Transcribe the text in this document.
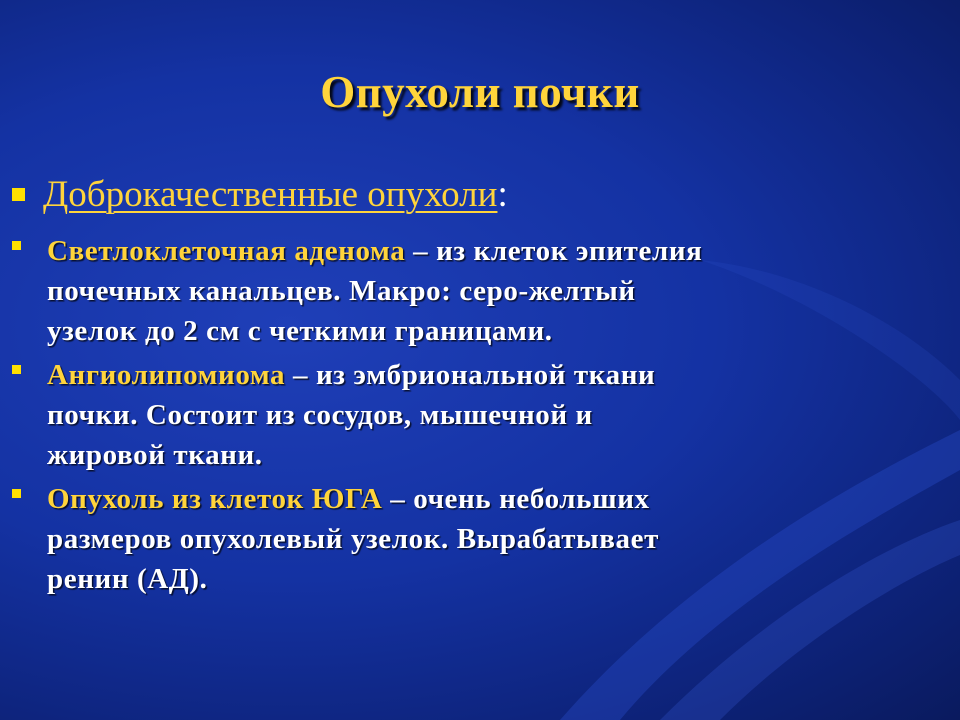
Опухоли почки
Доброкачественные опухоли:
Светлоклеточная аденома – из клеток эпителия
почечных канальцев. Макро: серо-желтый
узелок до 2 см с четкими границами.
Ангиолипомиома – из эмбриональной ткани
почки. Состоит из сосудов, мышечной и
жировой ткани.
Опухоль из клеток ЮГА – очень небольших
размеров опухолевый узелок. Вырабатывает
ренин (АД).
